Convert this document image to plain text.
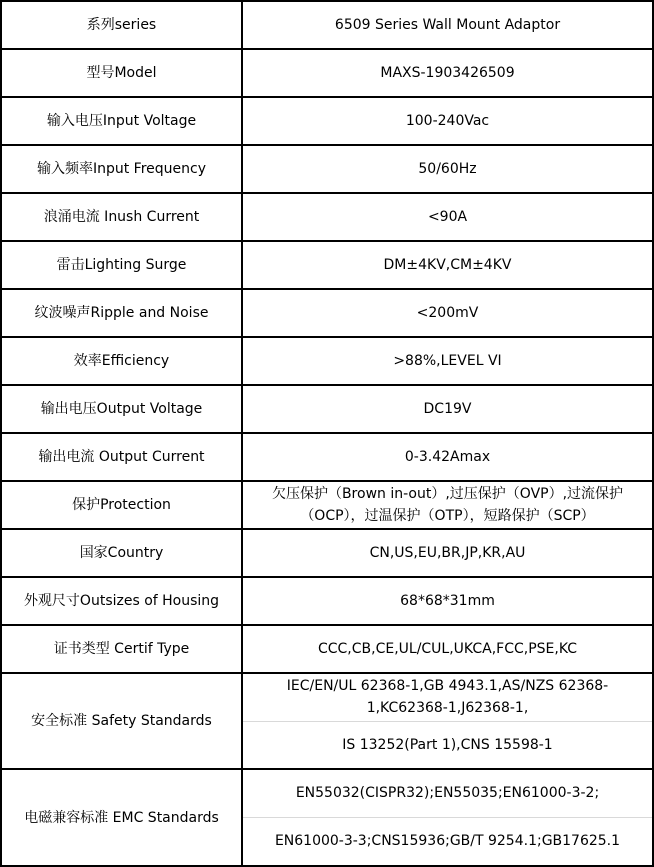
系列series	6509 Series Wall Mount Adaptor
型号Model	MAXS-1903426509
输入电压Input Voltage	100-240Vac
输入频率Input Frequency	50/60Hz
浪涌电流 Inush Current	<90A
雷击Lighting Surge	DM±4KV,CM±4KV
纹波噪声Ripple and Noise	<200mV
效率Efficiency	>88%,LEVEL VI
输出电压Output Voltage	DC19V
输出电流 Output Current	0-3.42Amax
保护Protection	欠压保护（Brown in-out）,过压保护（OVP）,过流保护（OCP），过温保护（OTP），短路保护（SCP）
国家Country	CN,US,EU,BR,JP,KR,AU
外观尺寸Outsizes of Housing	68*68*31mm
证书类型 Certif Type	CCC,CB,CE,UL/CUL,UKCA,FCC,PSE,KC
安全标准 Safety Standards	IEC/EN/UL 62368-1,GB 4943.1,AS/NZS 62368-1,KC62368-1,J62368-1,
	IS 13252(Part 1),CNS 15598-1
电磁兼容标准 EMC Standards	EN55032(CISPR32);EN55035;EN61000-3-2;
	EN61000-3-3;CNS15936;GB/T 9254.1;GB17625.1
